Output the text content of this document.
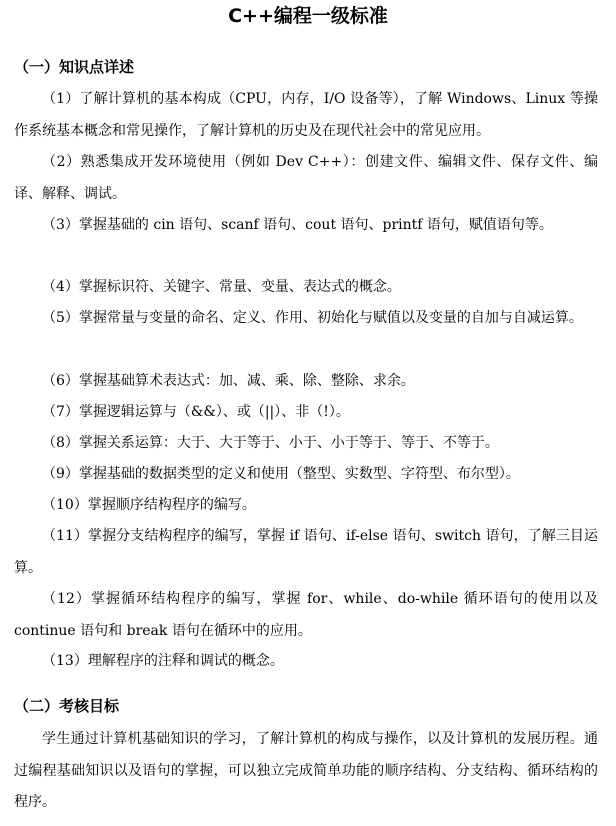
C++编程一级标准
（一）知识点详述

（1）了解计算机的基本构成（CPU，内存，I/O 设备等），了解 Windows、Linux 等操作系统基本概念和常见操作，了解计算机的历史及在现代社会中的常见应用。

（2）熟悉集成开发环境使用（例如 Dev C++）：创建文件、编辑文件、保存文件、编译、解释、调试。

（3）掌握基础的 cin 语句、scanf 语句、cout 语句、printf 语句，赋值语句等。

（4）掌握标识符、关键字、常量、变量、表达式的概念。

（5）掌握常量与变量的命名、定义、作用、初始化与赋值以及变量的自加与自减运算。

（6）掌握基础算术表达式：加、减、乘、除、整除、求余。

（7）掌握逻辑运算与（&&）、或（||）、非（!）。

（8）掌握关系运算：大于、大于等于、小于、小于等于、等于、不等于。

（9）掌握基础的数据类型的定义和使用（整型、实数型、字符型、布尔型）。

（10）掌握顺序结构程序的编写。

（11）掌握分支结构程序的编写，掌握 if 语句、if-else 语句、switch 语句，了解三目运算。

（12）掌握循环结构程序的编写，掌握 for、while、do-while 循环语句的使用以及 continue 语句和 break 语句在循环中的应用。

（13）理解程序的注释和调试的概念。

（二）考核目标

学生通过计算机基础知识的学习，了解计算机的构成与操作，以及计算机的发展历程。通过编程基础知识以及语句的掌握，可以独立完成简单功能的顺序结构、分支结构、循环结构的程序。
